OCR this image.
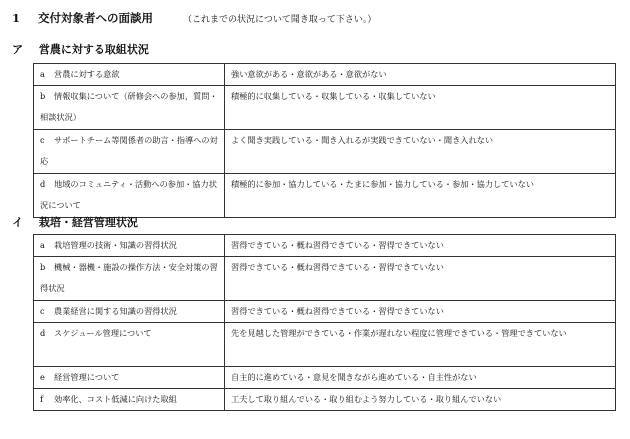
1 交付対象者への面談用	（これまでの状況について聞き取って下さい。）
ア 営農に対する取組状況
a 営農に対する意欲	強い意欲がある・意欲がある・意欲がない
b 情報収集について（研修会への参加，質問・相談状況）	積極的に収集している・収集している・収集していない
c サポートチーム等関係者の助言・指導への対応	よく聞き実践している・聞き入れるが実践できていない・聞き入れない
d 地域のコミュニティ・活動への参加・協力状況について	積極的に参加・協力している・たまに参加・協力している・参加・協力していない
イ 栽培・経営管理状況
a 栽培管理の技術・知識の習得状況	習得できている・概ね習得できている・習得できていない
b 機械・器機・施設の操作方法・安全対策の習得状況	習得できている・概ね習得できている・習得できていない
c 農業経営に関する知識の習得状況	習得できている・概ね習得できている・習得できていない
d スケジュール管理について	先を見越した管理ができている・作業が遅れない程度に管理できている・管理できていない
e 経営管理について	自主的に進めている・意見を聞きながら進めている・自主性がない
f 効率化、コスト低減に向けた取組	工夫して取り組んでいる・取り組むよう努力している・取り組んでいない
